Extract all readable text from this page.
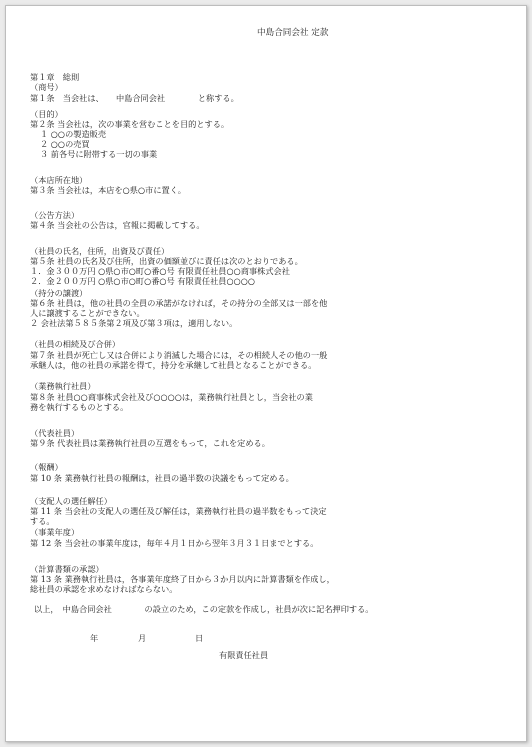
中島合同会社 定款
第１章　総則
（商号）
第１条　当会社は、　　中島合同会社　　　　と称する。
（目的）
第２条 当会社は，次の事業を営むことを目的とする。
１ ○○の製造販売
２ ○○の売買
３ 前各号に附帯する一切の事業
（本店所在地）
第３条 当会社は，本店を○県○市に置く。
（公告方法）
第４条 当会社の公告は，官報に掲載してする。
（社員の氏名，住所，出資及び責任）
第５条 社員の氏名及び住所，出資の価額並びに責任は次のとおりである。
１．金３００万円 ○県○市○町○番○号 有限責任社員○○商事株式会社
２．金２００万円 ○県○市○町○番○号 有限責任社員○○○○
（持分の譲渡）
第６条 社員は，他の社員の全員の承諾がなければ，その持分の全部又は一部を他
人に譲渡することができない。
２ 会社法第５８５条第２項及び第３項は，適用しない。
（社員の相続及び合併）
第７条 社員が死亡し又は合併により消滅した場合には，その相続人その他の一般
承継人は，他の社員の承諾を得て，持分を承継して社員となることができる。
（業務執行社員）
第８条 社員○○商事株式会社及び○○○○は，業務執行社員とし，当会社の業
務を執行するものとする。
（代表社員）
第９条 代表社員は業務執行社員の互選をもって，これを定める。
（報酬）
第 10 条 業務執行社員の報酬は，社員の過半数の決議をもって定める。
（支配人の選任解任）
第 11 条 当会社の支配人の選任及び解任は，業務執行社員の過半数をもって決定
する。
（事業年度）
第 12 条 当会社の事業年度は，毎年４月１日から翌年３月３１日までとする。
（計算書類の承認）
第 13 条 業務執行社員は，各事業年度終了日から３か月以内に計算書類を作成し，
総社員の承認を求めなければならない。
以上，　中島合同会社　　　　の設立のため，この定款を作成し，社員が次に記名押印する。
年	月	日
有限責任社員
